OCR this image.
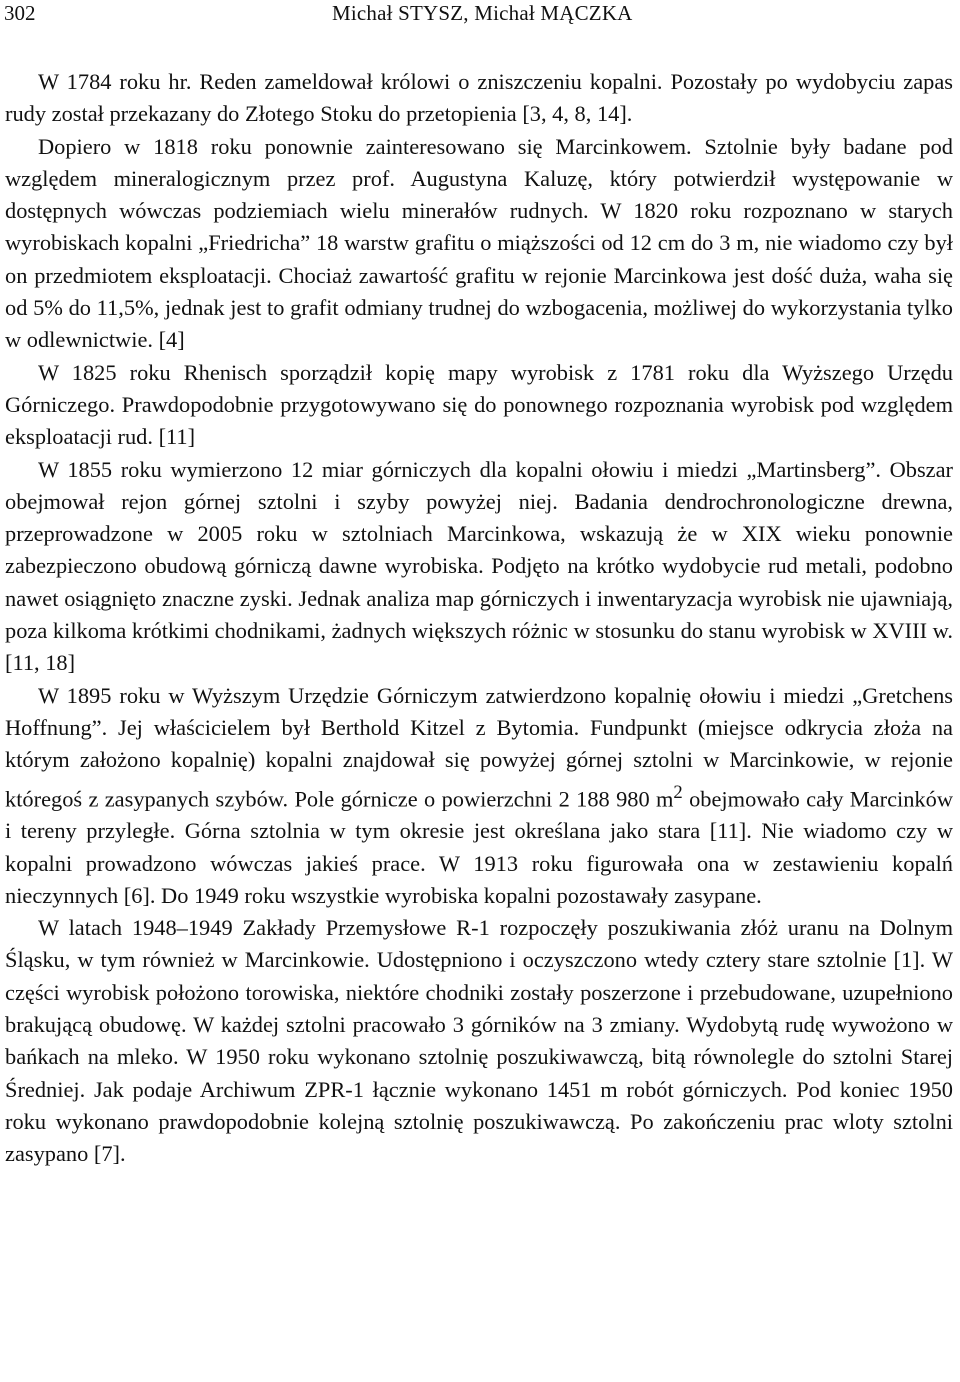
302	Michał STYSZ, Michał MĄCZKA

W 1784 roku hr. Reden zameldował królowi o zniszczeniu kopalni. Pozostały po wydobyciu zapas rudy został przekazany do Złotego Stoku do przetopienia [3, 4, 8, 14].

Dopiero w 1818 roku ponownie zainteresowano się Marcinkowem. Sztolnie były badane pod względem mineralogicznym przez prof. Augustyna Kaluzę, który potwierdził występowanie w dostępnych wówczas podziemiach wielu minerałów rudnych. W 1820 roku rozpoznano w starych wyrobiskach kopalni „Friedricha” 18 warstw grafitu o miąższości od 12 cm do 3 m, nie wiadomo czy był on przedmiotem eksploatacji. Chociaż zawartość grafitu w rejonie Marcinkowa jest dość duża, waha się od 5% do 11,5%, jednak jest to grafit odmiany trudnej do wzbogacenia, możliwej do wykorzystania tylko w odlewnictwie. [4]

W 1825 roku Rhenisch sporządził kopię mapy wyrobisk z 1781 roku dla Wyższego Urzędu Górniczego. Prawdopodobnie przygotowywano się do ponownego rozpoznania wyrobisk pod względem eksploatacji rud. [11]

W 1855 roku wymierzono 12 miar górniczych dla kopalni ołowiu i miedzi „Martinsberg”. Obszar obejmował rejon górnej sztolni i szyby powyżej niej. Badania dendrochronologiczne drewna, przeprowadzone w 2005 roku w sztolniach Marcinkowa, wskazują że w XIX wieku ponownie zabezpieczono obudową górniczą dawne wyrobiska. Podjęto na krótko wydobycie rud metali, podobno nawet osiągnięto znaczne zyski. Jednak analiza map górniczych i inwentaryzacja wyrobisk nie ujawniają, poza kilkoma krótkimi chodnikami, żadnych większych różnic w stosunku do stanu wyrobisk w XVIII w. [11, 18]

W 1895 roku w Wyższym Urzędzie Górniczym zatwierdzono kopalnię ołowiu i miedzi „Gretchens Hoffnung”. Jej właścicielem był Berthold Kitzel z Bytomia. Fundpunkt (miejsce odkrycia złoża na którym założono kopalnię) kopalni znajdował się powyżej górnej sztolni w Marcinkowie, w rejonie któregoś z zasypanych szybów. Pole górnicze o powierzchni 2 188 980 $m^2$ obejmowało cały Marcinków i tereny przyległe. Górna sztolnia w tym okresie jest określana jako stara [11]. Nie wiadomo czy w kopalni prowadzono wówczas jakieś prace. W 1913 roku figurowała ona w zestawieniu kopalń nieczynnych [6]. Do 1949 roku wszystkie wyrobiska kopalni pozostawały zasypane.

W latach 1948–1949 Zakłady Przemysłowe R-1 rozpoczęły poszukiwania złóż uranu na Dolnym Śląsku, w tym również w Marcinkowie. Udostępniono i oczyszczono wtedy cztery stare sztolnie [1]. W części wyrobisk położono torowiska, niektóre chodniki zostały poszerzone i przebudowane, uzupełniono brakującą obudowę. W każdej sztolni pracowało 3 górników na 3 zmiany. Wydobytą rudę wywożono w bańkach na mleko. W 1950 roku wykonano sztolnię poszukiwawczą, bitą równolegle do sztolni Starej Średniej. Jak podaje Archiwum ZPR-1 łącznie wykonano 1451 m robót górniczych. Pod koniec 1950 roku wykonano prawdopodobnie kolejną sztolnię poszukiwawczą. Po zakończeniu prac wloty sztolni zasypano [7].
